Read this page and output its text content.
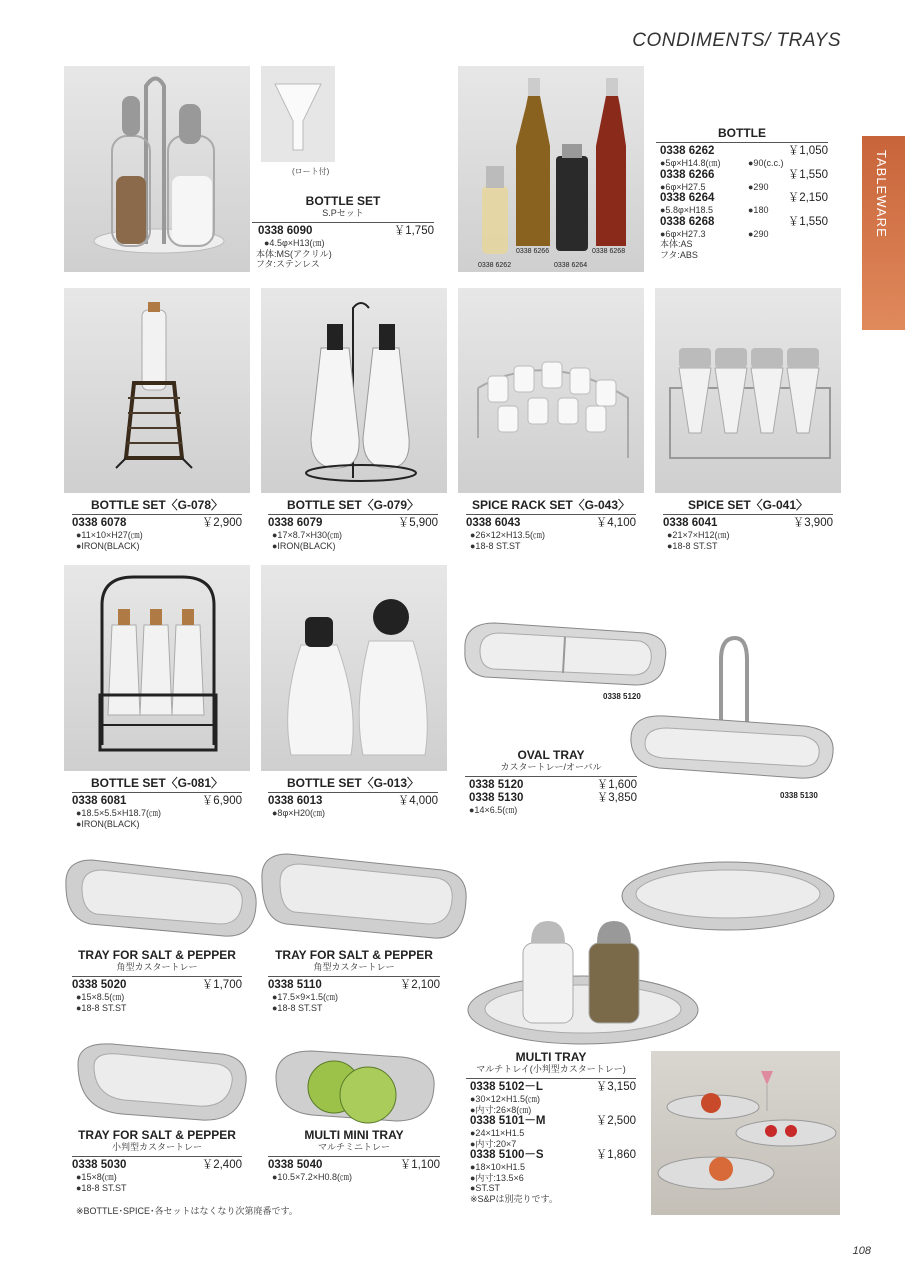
CONDIMENTS/ TRAYS
TABLEWARE
108
(ロート付)
BOTTLE SET
S.Pセット
0338 6090	￥1,750
●4.5φ×H13(㎝)
本体:MS(アクリル)
フタ:ステンレス
0338 6266	0338 6268
0338 6262	0338 6264
BOTTLE
0338 6262	￥1,050
●5φ×H14.8(㎝)	●90(c.c.)
0338 6266	￥1,550
●6φ×H27.5	●290
0338 6264	￥2,150
●5.8φ×H18.5	●180
0338 6268	￥1,550
●6φ×H27.3	●290
本体:AS
フタ:ABS
BOTTLE SET〈G-078〉
0338 6078	￥2,900
●11×10×H27(㎝)
●IRON(BLACK)
BOTTLE SET〈G-079〉
0338 6079	￥5,900
●17×8.7×H30(㎝)
●IRON(BLACK)
SPICE RACK SET〈G-043〉
0338 6043	￥4,100
●26×12×H13.5(㎝)
●18-8 ST.ST
SPICE SET〈G-041〉
0338 6041	￥3,900
●21×7×H12(㎝)
●18-8 ST.ST
BOTTLE SET〈G-081〉
0338 6081	￥6,900
●18.5×5.5×H18.7(㎝)
●IRON(BLACK)
BOTTLE SET〈G-013〉
0338 6013	￥4,000
●8φ×H20(㎝)
0338 5120
0338 5130
OVAL TRAY
カスタートレー/オーバル
0338 5120	￥1,600
0338 5130	￥3,850
●14×6.5(㎝)
TRAY FOR SALT & PEPPER
角型カスタートレー
0338 5020	￥1,700
●15×8.5(㎝)
●18-8 ST.ST
TRAY FOR SALT & PEPPER
角型カスタートレー
0338 5110	￥2,100
●17.5×9×1.5(㎝)
●18-8 ST.ST
TRAY FOR SALT & PEPPER
小判型カスタートレー
0338 5030	￥2,400
●15×8(㎝)
●18-8 ST.ST
MULTI MINI TRAY
マルチミニトレー
0338 5040	￥1,100
●10.5×7.2×H0.8(㎝)
MULTI TRAY
マルチトレイ(小判型カスタートレー)
0338 5102－L	￥3,150
●30×12×H1.5(㎝)
●内寸:26×8(㎝)
0338 5101－M	￥2,500
●24×11×H1.5
●内寸:20×7
0338 5100－S	￥1,860
●18×10×H1.5
●内寸:13.5×6
●ST.ST
※S&Pは別売りです。
※BOTTLE･SPICE･各セットはなくなり次第廃番です。
